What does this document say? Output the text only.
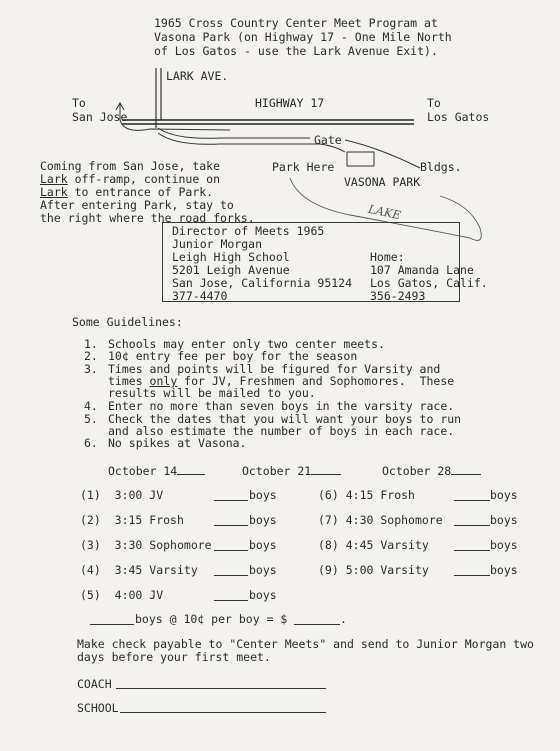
1965 Cross Country Center Meet Program at
Vasona Park (on Highway 17 - One Mile North
of Los Gatos - use the Lark Avenue Exit).
LARK AVE.
HIGHWAY 17
To
San Jose
To
Los Gatos
Gate
Park Here	Bldgs.
VASONA PARK
LAKE
Coming from San Jose, take
Lark off-ramp, continue on
Lark to entrance of Park.
After entering Park, stay to
the right where the road forks.
Director of Meets 1965
Junior Morgan
Leigh High School
5201 Leigh Avenue
San Jose, California 95124
377-4470
Home:
107 Amanda Lane
Los Gatos, Calif.
356-2493
Some Guidelines:
1. Schools may enter only two center meets.
2. 10¢ entry fee per boy for the season
3. Times and points will be figured for Varsity and
times only for JV, Freshmen and Sophomores.  These
results will be mailed to you.
4. Enter no more than seven boys in the varsity race.
5. Check the dates that you will want your boys to run
and also estimate the number of boys in each race.
6. No spikes at Vasona.
October 14	October 21	October 28
(1) 3:00 JV	boys
(2) 3:15 Frosh	boys
(3) 3:30 Sophomore	boys
(4) 3:45 Varsity	boys
(5) 4:00 JV	boys
(6) 4:15 Frosh	boys
(7) 4:30 Sophomore	boys
(8) 4:45 Varsity	boys
(9) 5:00 Varsity	boys
boys @ 10¢ per boy = $	.
Make check payable to "Center Meets" and send to Junior Morgan two
days before your first meet.
COACH
SCHOOL
